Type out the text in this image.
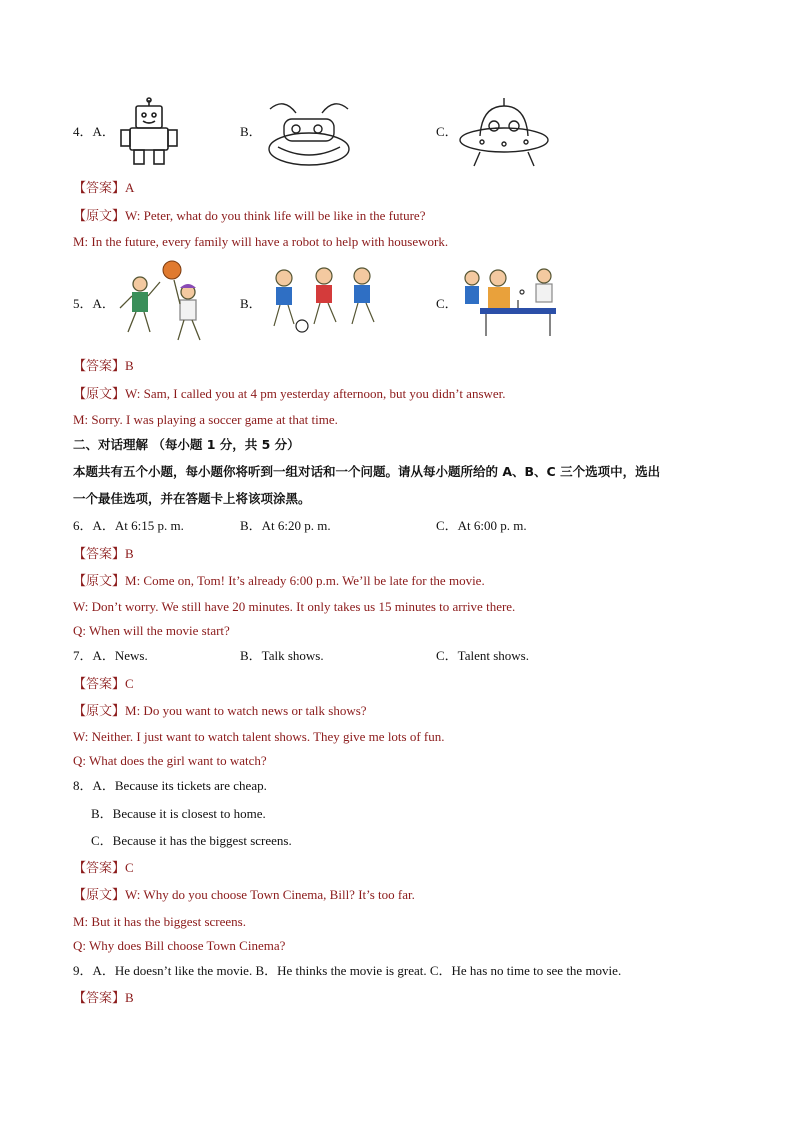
4．A．	B．	C．
【答案】A
【原文】W: Peter, what do you think life will be like in the future?
M: In the future, every family will have a robot to help with housework.
5．A．	B．	C．
【答案】B
【原文】W: Sam, I called you at 4 pm yesterday afternoon, but you didn’t answer.
M: Sorry. I was playing a soccer game at that time.
二、对话理解 （每小题 1 分，共 5 分）
本题共有五个小题，每小题你将听到一组对话和一个问题。请从每小题所给的 A、B、C 三个选项中，选出
一个最佳选项，并在答题卡上将该项涂黑。
6．A．At 6:15 p. m.	B．At 6:20 p. m.	C．At 6:00 p. m.
【答案】B
【原文】M: Come on, Tom! It’s already 6:00 p.m. We’ll be late for the movie.
W: Don’t worry. We still have 20 minutes. It only takes us 15 minutes to arrive there.
Q: When will the movie start?
7．A．News.	B．Talk shows.	C．Talent shows.
【答案】C
【原文】M: Do you want to watch news or talk shows?
W: Neither. I just want to watch talent shows. They give me lots of fun.
Q: What does the girl want to watch?
8．A．Because its tickets are cheap.
B．Because it is closest to home.
C．Because it has the biggest screens.
【答案】C
【原文】W: Why do you choose Town Cinema, Bill? It’s too far.
M: But it has the biggest screens.
Q: Why does Bill choose Town Cinema?
9．A．He doesn’t like the movie. B．He thinks the movie is great. C．He has no time to see the movie.
【答案】B
